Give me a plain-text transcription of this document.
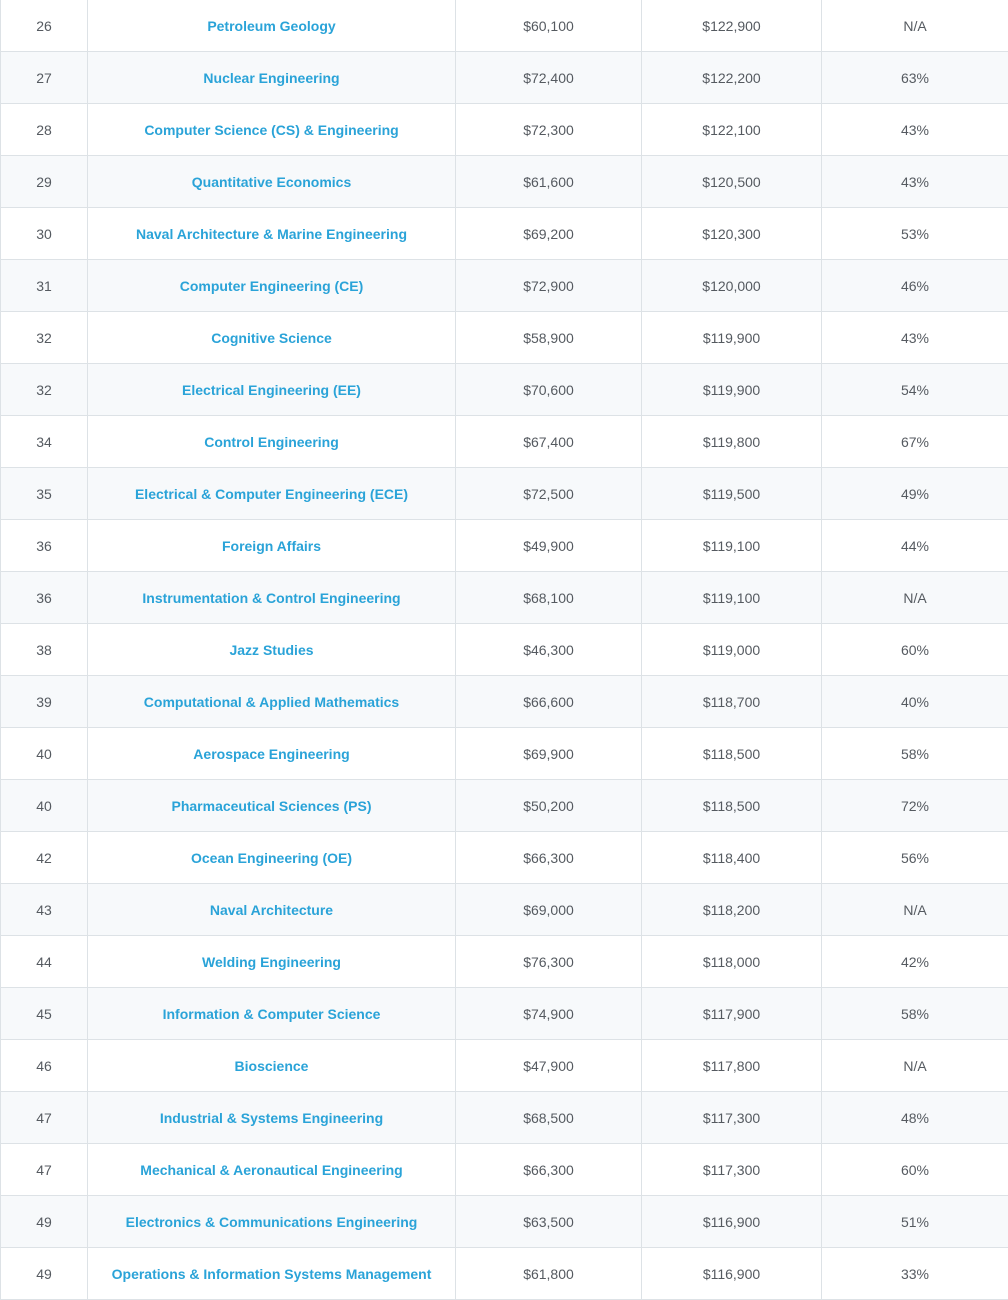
26	Petroleum Geology	$60,100	$122,900	N/A
27	Nuclear Engineering	$72,400	$122,200	63%
28	Computer Science (CS) & Engineering	$72,300	$122,100	43%
29	Quantitative Economics	$61,600	$120,500	43%
30	Naval Architecture & Marine Engineering	$69,200	$120,300	53%
31	Computer Engineering (CE)	$72,900	$120,000	46%
32	Cognitive Science	$58,900	$119,900	43%
32	Electrical Engineering (EE)	$70,600	$119,900	54%
34	Control Engineering	$67,400	$119,800	67%
35	Electrical & Computer Engineering (ECE)	$72,500	$119,500	49%
36	Foreign Affairs	$49,900	$119,100	44%
36	Instrumentation & Control Engineering	$68,100	$119,100	N/A
38	Jazz Studies	$46,300	$119,000	60%
39	Computational & Applied Mathematics	$66,600	$118,700	40%
40	Aerospace Engineering	$69,900	$118,500	58%
40	Pharmaceutical Sciences (PS)	$50,200	$118,500	72%
42	Ocean Engineering (OE)	$66,300	$118,400	56%
43	Naval Architecture	$69,000	$118,200	N/A
44	Welding Engineering	$76,300	$118,000	42%
45	Information & Computer Science	$74,900	$117,900	58%
46	Bioscience	$47,900	$117,800	N/A
47	Industrial & Systems Engineering	$68,500	$117,300	48%
47	Mechanical & Aeronautical Engineering	$66,300	$117,300	60%
49	Electronics & Communications Engineering	$63,500	$116,900	51%
49	Operations & Information Systems Management	$61,800	$116,900	33%
